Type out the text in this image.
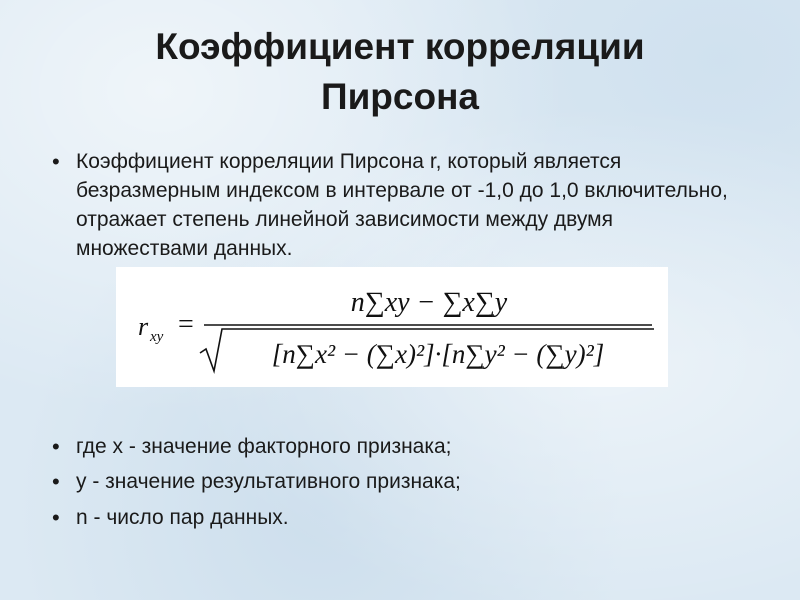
Коэффициент корреляции
Пирсона
• Коэффициент корреляции Пирсона r, который является безразмерным индексом в интервале от -1,0 до 1,0 включительно, отражает степень линейной зависимости между двумя множествами данных.
r xy =
n∑xy − ∑x∑y
[n∑x² − (∑x)²]·[n∑y² − (∑y)²]
• где x - значение факторного признака;
• у - значение результативного признака;
• n - число пар данных.
